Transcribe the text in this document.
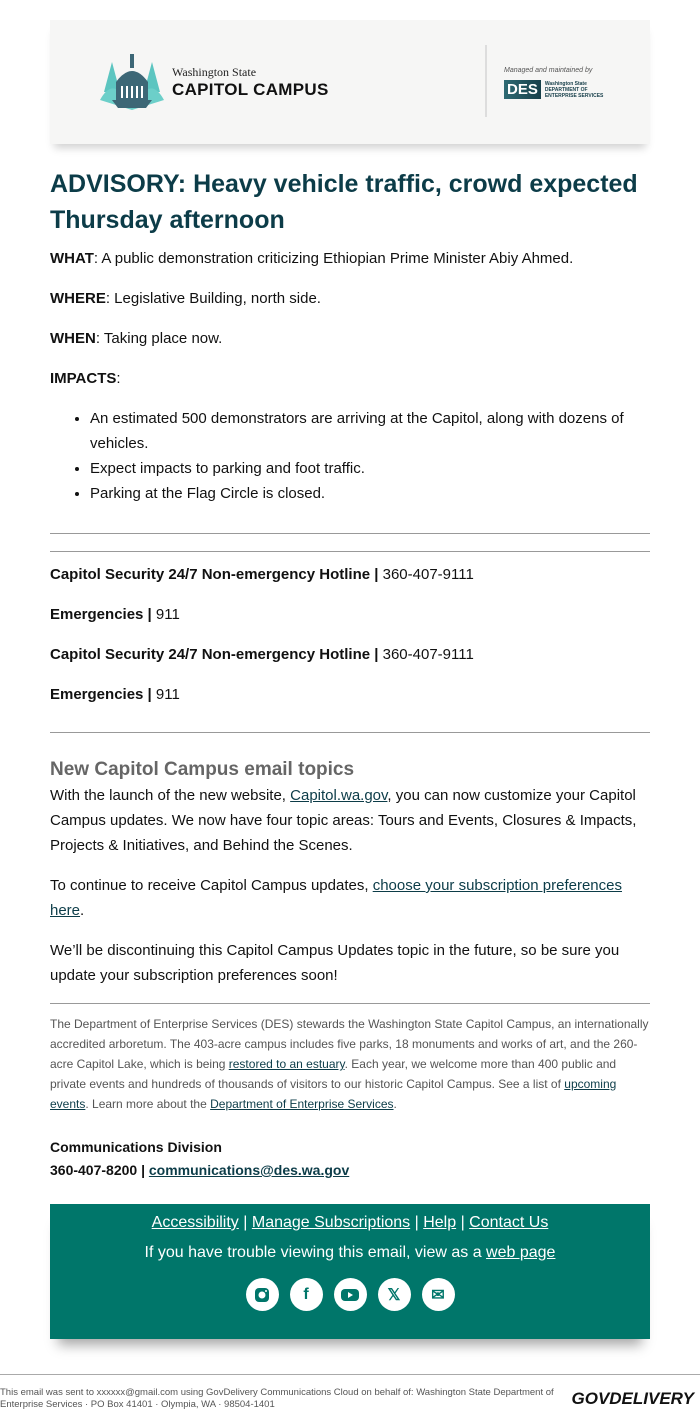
Washington State
CAPITOL CAMPUS
Managed and maintained by
DES	Washington State
DEPARTMENT OF
ENTERPRISE SERVICES
ADVISORY: Heavy vehicle traffic, crowd expected Thursday afternoon

WHAT: A public demonstration criticizing Ethiopian Prime Minister Abiy Ahmed.

WHERE: Legislative Building, north side.

WHEN: Taking place now.

IMPACTS:

• An estimated 500 demonstrators are arriving at the Capitol, along with dozens of vehicles.
• Expect impacts to parking and foot traffic.
• Parking at the Flag Circle is closed.

Capitol Security 24/7 Non-emergency Hotline | 360-407-9111

Emergencies | 911

Capitol Security 24/7 Non-emergency Hotline | 360-407-9111

Emergencies | 911

New Capitol Campus email topics

With the launch of the new website, Capitol.wa.gov, you can now customize your Capitol Campus updates. We now have four topic areas: Tours and Events, Closures & Impacts, Projects & Initiatives, and Behind the Scenes.

To continue to receive Capitol Campus updates, choose your subscription preferences here.

We’ll be discontinuing this Capitol Campus Updates topic in the future, so be sure you update your subscription preferences soon!

The Department of Enterprise Services (DES) stewards the Washington State Capitol Campus, an internationally accredited arboretum. The 403-acre campus includes five parks, 18 monuments and works of art, and the 260-acre Capitol Lake, which is being restored to an estuary. Each year, we welcome more than 400 public and private events and hundreds of thousands of visitors to our historic Capitol Campus. See a list of upcoming events. Learn more about the Department of Enterprise Services.

Communications Division
360-407-8200 | communications@des.wa.gov
Accessibility | Manage Subscriptions | Help | Contact Us
If you have trouble viewing this email, view as a web page
f	𝕏	✉
This email was sent to xxxxxx@gmail.com using GovDelivery Communications Cloud on behalf of: Washington State Department of Enterprise Services · PO Box 41401 · Olympia, WA · 98504-1401	GOVDELIVERY
